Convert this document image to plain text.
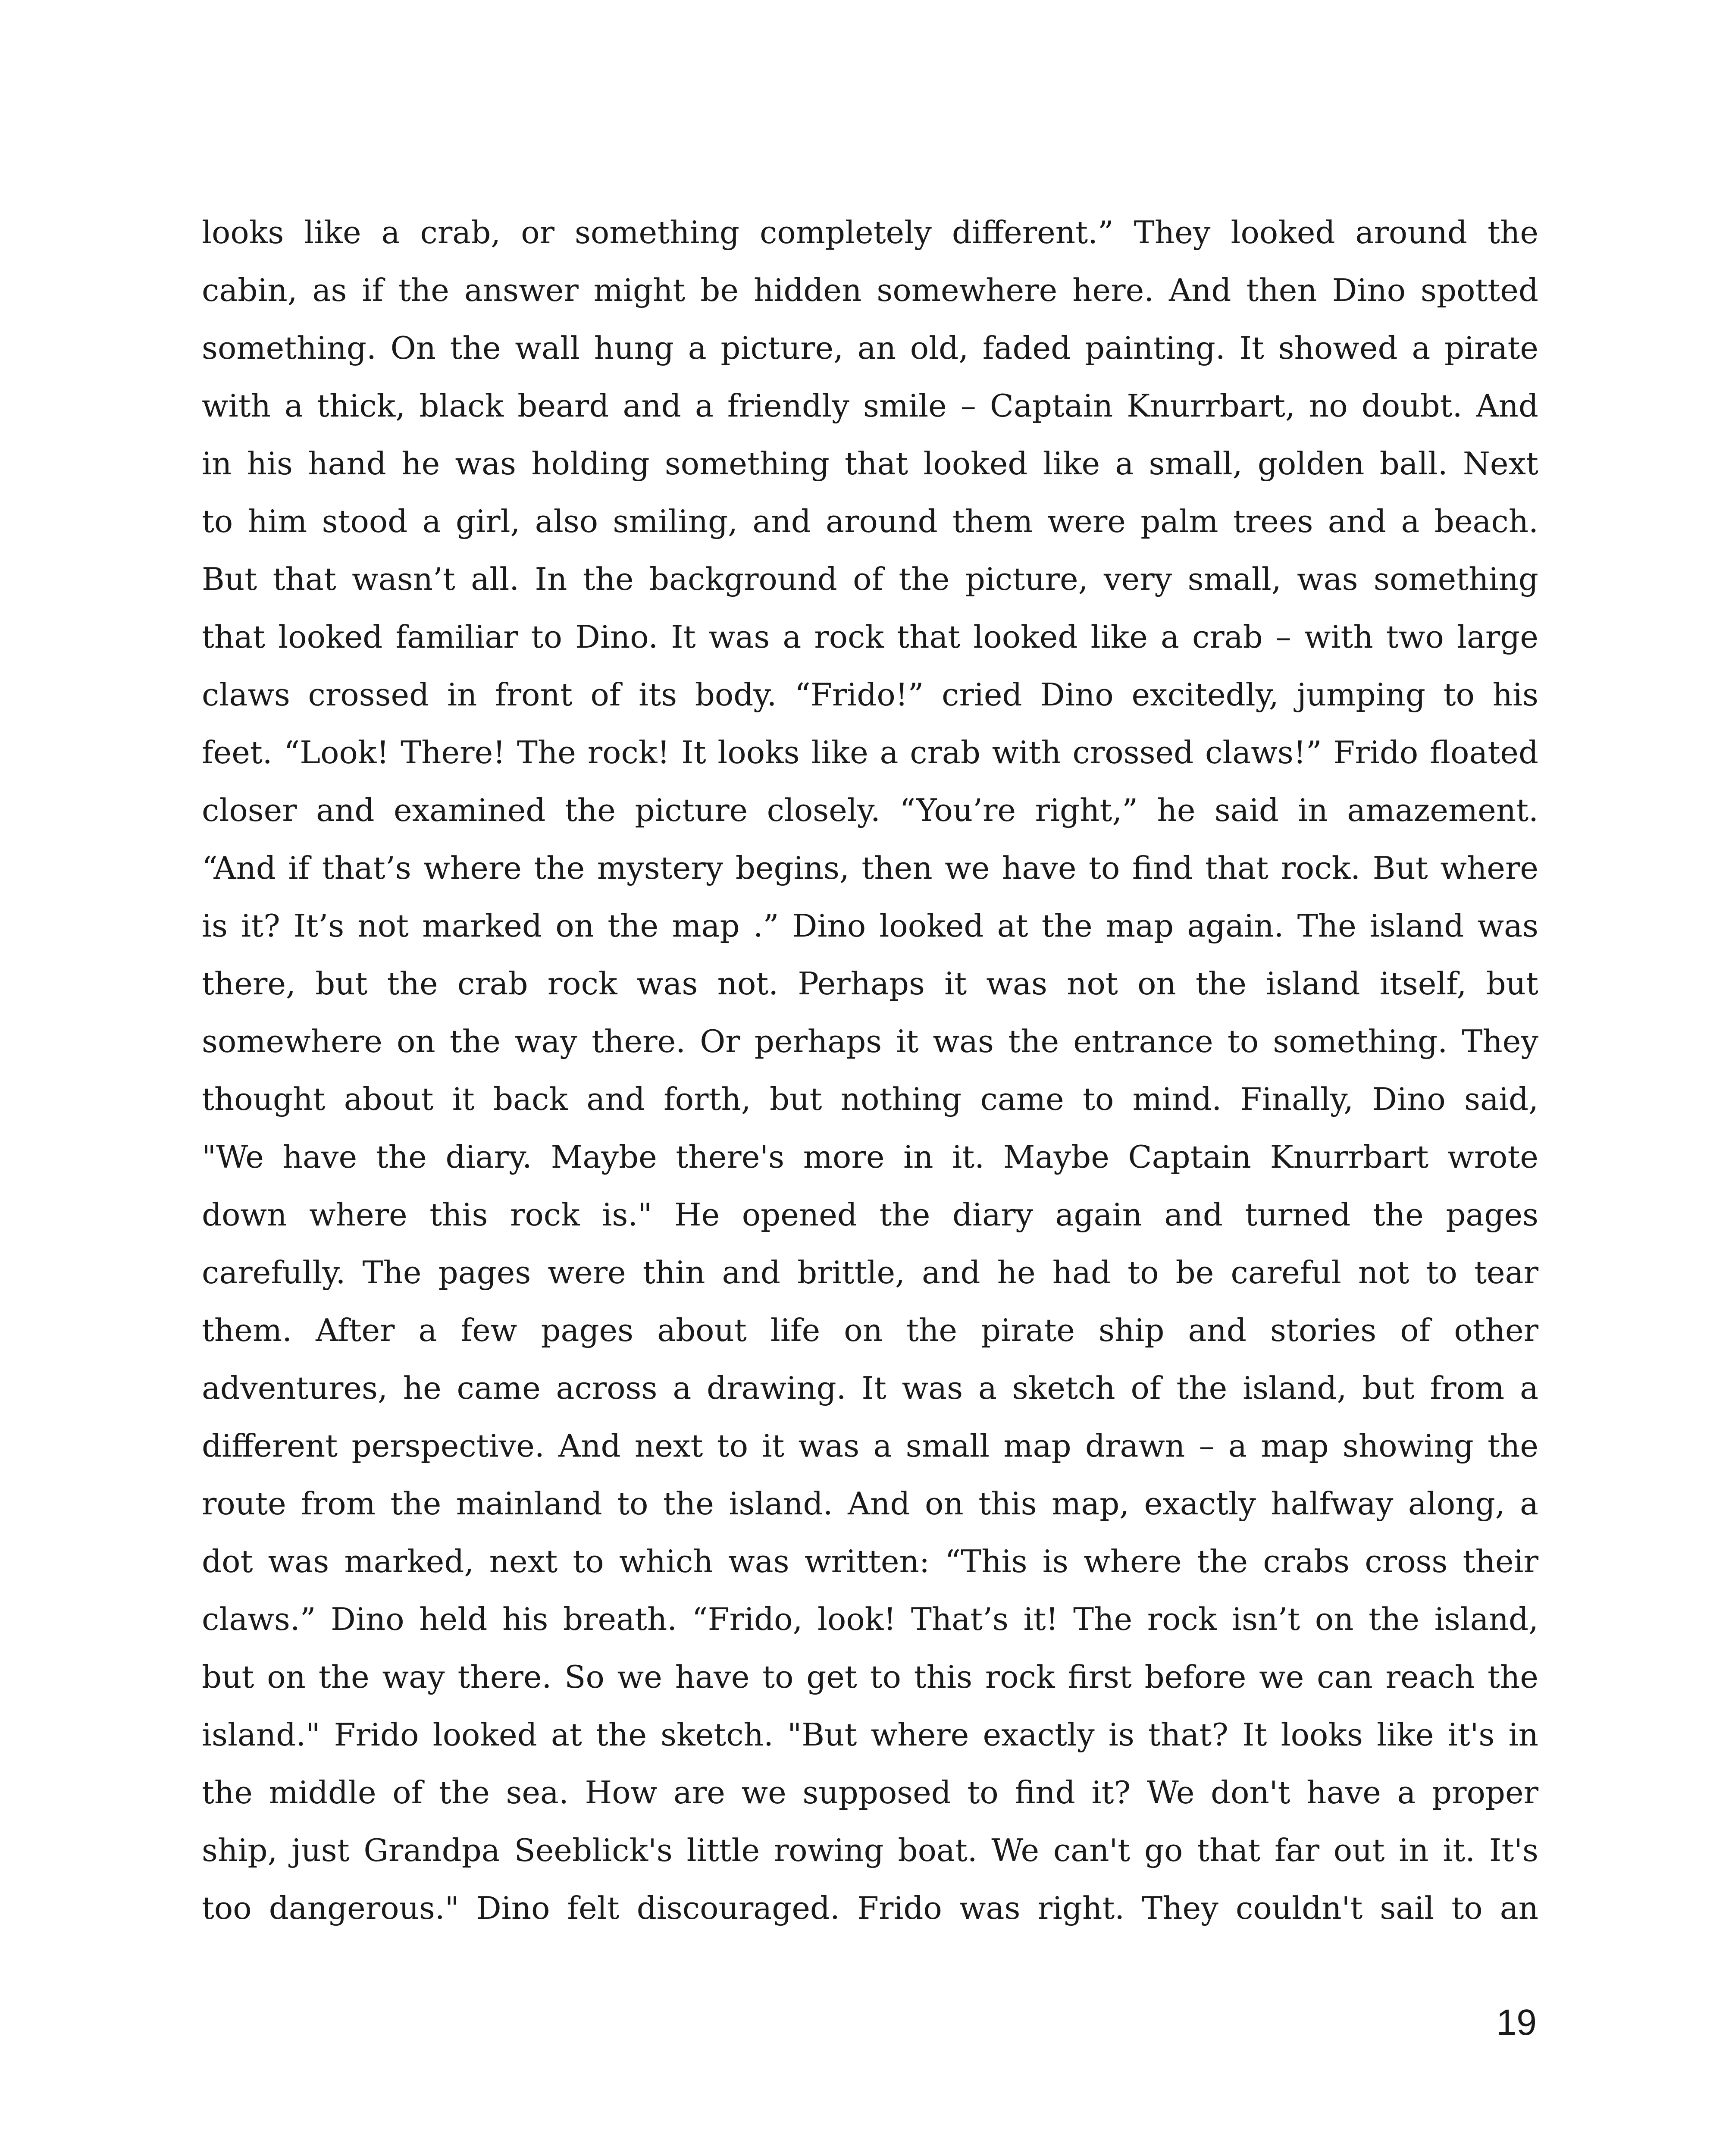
looks like a crab, or something completely different.” They looked around the
cabin, as if the answer might be hidden somewhere here. And then Dino spotted
something. On the wall hung a picture, an old, faded painting. It showed a pirate
with a thick, black beard and a friendly smile – Captain Knurrbart, no doubt. And
in his hand he was holding something that looked like a small, golden ball. Next
to him stood a girl, also smiling, and around them were palm trees and a beach.
But that wasn’t all. In the background of the picture, very small, was something
that looked familiar to Dino. It was a rock that looked like a crab – with two large
claws crossed in front of its body. “Frido!” cried Dino excitedly, jumping to his
feet. “Look! There! The rock! It looks like a crab with crossed claws!” Frido floated
closer and examined the picture closely. “You’re right,” he said in amazement.
“And if that’s where the mystery begins, then we have to find that rock. But where
is it? It’s not marked on the map .” Dino looked at the map again. The island was
there, but the crab rock was not. Perhaps it was not on the island itself, but
somewhere on the way there. Or perhaps it was the entrance to something. They
thought about it back and forth, but nothing came to mind. Finally, Dino said,
"We have the diary. Maybe there's more in it. Maybe Captain Knurrbart wrote
down where this rock is." He opened the diary again and turned the pages
carefully. The pages were thin and brittle, and he had to be careful not to tear
them. After a few pages about life on the pirate ship and stories of other
adventures, he came across a drawing. It was a sketch of the island, but from a
different perspective. And next to it was a small map drawn – a map showing the
route from the mainland to the island. And on this map, exactly halfway along, a
dot was marked, next to which was written: “This is where the crabs cross their
claws.” Dino held his breath. “Frido, look! That’s it! The rock isn’t on the island,
but on the way there. So we have to get to this rock first before we can reach the
island." Frido looked at the sketch. "But where exactly is that? It looks like it's in
the middle of the sea. How are we supposed to find it? We don't have a proper
ship, just Grandpa Seeblick's little rowing boat. We can't go that far out in it. It's
too dangerous." Dino felt discouraged. Frido was right. They couldn't sail to an
19
